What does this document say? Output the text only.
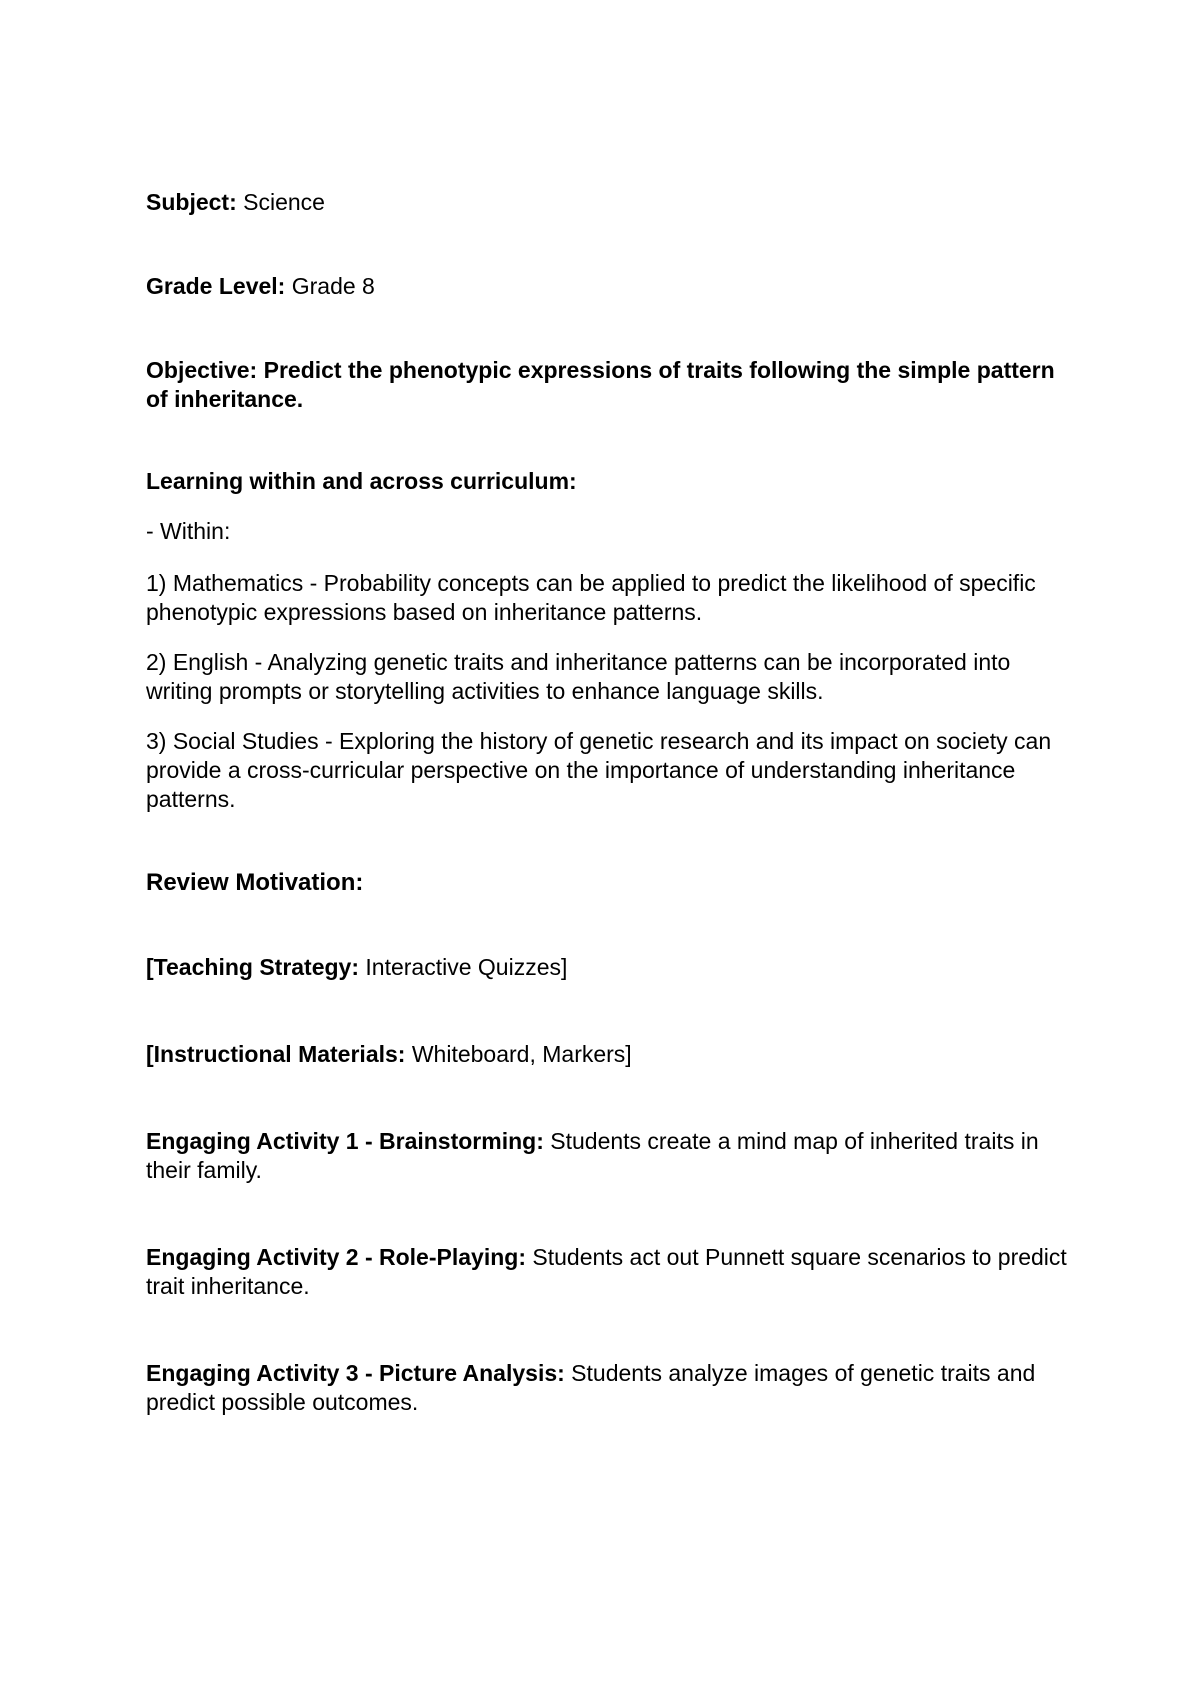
Subject: Science

Grade Level: Grade 8

Objective: Predict the phenotypic expressions of traits following the simple pattern of inheritance.

Learning within and across curriculum:

- Within:

1) Mathematics - Probability concepts can be applied to predict the likelihood of specific phenotypic expressions based on inheritance patterns.

2) English - Analyzing genetic traits and inheritance patterns can be incorporated into writing prompts or storytelling activities to enhance language skills.

3) Social Studies - Exploring the history of genetic research and its impact on society can provide a cross-curricular perspective on the importance of understanding inheritance patterns.

Review Motivation:

[Teaching Strategy: Interactive Quizzes]

[Instructional Materials: Whiteboard, Markers]

Engaging Activity 1 - Brainstorming: Students create a mind map of inherited traits in their family.

Engaging Activity 2 - Role-Playing: Students act out Punnett square scenarios to predict trait inheritance.

Engaging Activity 3 - Picture Analysis: Students analyze images of genetic traits and predict possible outcomes.
